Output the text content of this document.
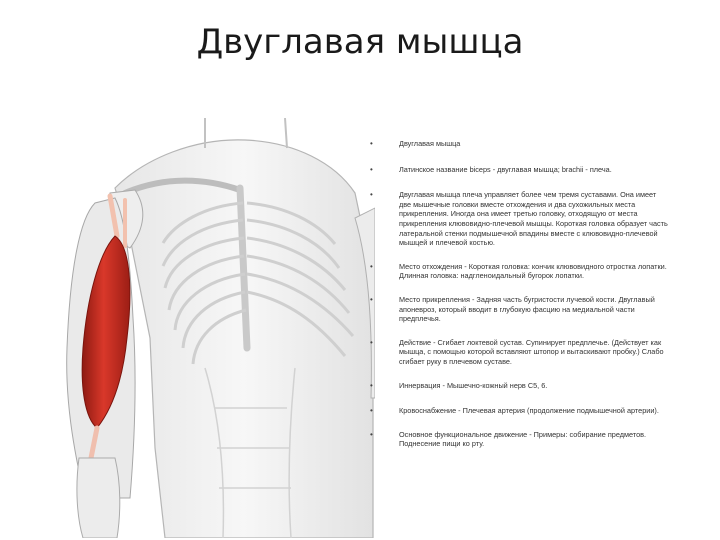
Двуглавая мышца
• Двуглавая мышца
• Латинское название biceps - двуглавая мышца; brachii - плеча.
• Двуглавая мышца плеча управляет более чем тремя суставами. Она имеет две мышечные головки вместе отхождения и два сухожильных места прикрепления. Иногда она имеет третью головку, отходящую от места прикрепления клювовидно-плечевой мышцы. Короткая головка образует часть латеральной стенки подмышечной впадины вместе с клювовидно-плечевой мышцей и плечевой костью.
• Место отхождения - Короткая головка: кончик клювовидного отростка лопатки. Длинная головка: надгленоидальный бугорок лопатки.
• Место прикрепления - Задняя часть бугристости лучевой кости. Двуглавый апоневроз, который вводит в глубокую фасцию на медиальной части предплечья.
• Действие - Сгибает локтевой сустав. Супинирует предплечье. (Действует как мышца, с помощью которой вставляют штопор и вытаскивают пробку.) Слабо сгибает руку в плечевом суставе.
• Иннервация - Мышечно-кожный нерв C5, 6.
• Кровоснабжение - Плечевая артерия (продолжение подмышечной артерии).
• Основное функциональное движение - Примеры: собирание предметов. Поднесение пищи ко рту.
